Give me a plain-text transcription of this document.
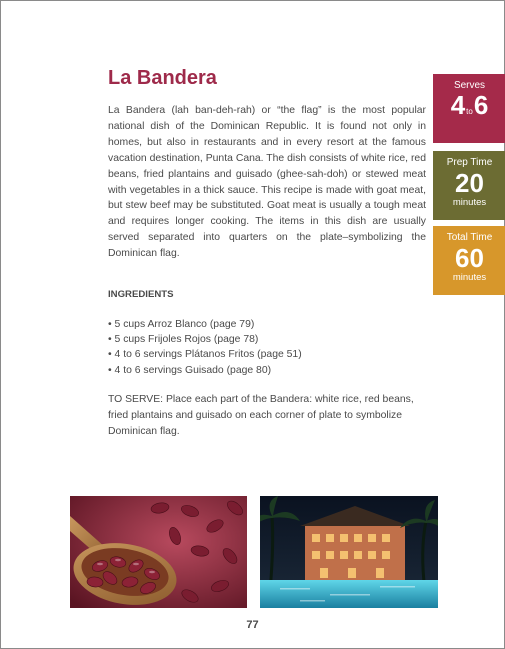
La Bandera

La Bandera (lah ban-deh-rah) or “the flag” is the most popular national dish of the Dominican Republic. It is found not only in homes, but also in restaurants and in every resort at the famous vacation destination, Punta Cana. The dish consists of white rice, red beans, fried plantains and guisado (ghee-sah-doh) or stewed meat with vegetables in a thick sauce. This recipe is made with goat meat, but stew beef may be substituted. Goat meat is usually a tough meat and requires longer cooking. The items in this dish are usually served separated into quarters on the plate–symbolizing the Dominican flag.

INGREDIENTS
• 5 cups Arroz Blanco (page 79)
• 5 cups Frijoles Rojos (page 78)
• 4 to 6 servings Plátanos Fritos (page 51)
• 4 to 6 servings Guisado (page 80)

TO SERVE: Place each part of the Bandera: white rice, red beans, fried plantains and guisado on each corner of plate to symbolize Dominican flag.

Serves
4to6
Prep Time
20
minutes
Total Time
60
minutes
77
